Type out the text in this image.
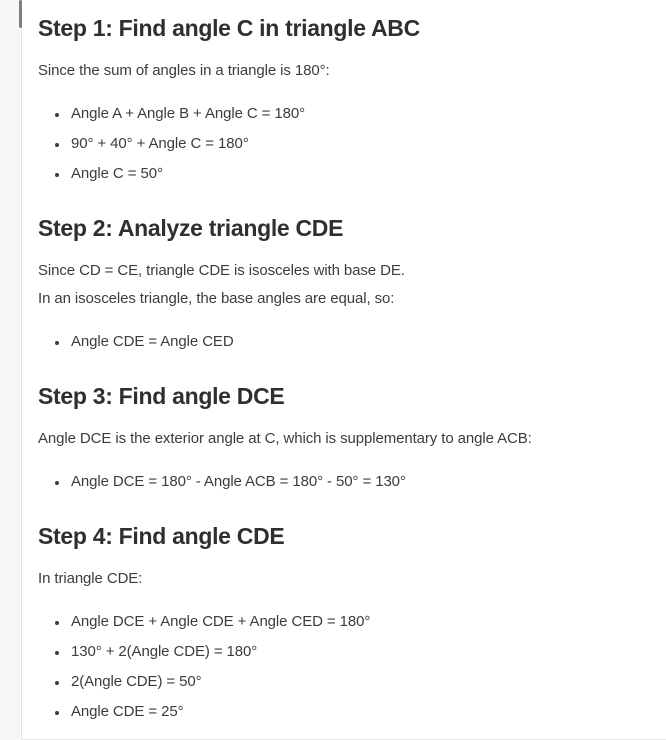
Step 1: Find angle C in triangle ABC

Since the sum of angles in a triangle is 180°:

• Angle A + Angle B + Angle C = 180°
• 90° + 40° + Angle C = 180°
• Angle C = 50°
Step 2: Analyze triangle CDE

Since CD = CE, triangle CDE is isosceles with base DE.

In an isosceles triangle, the base angles are equal, so:

• Angle CDE = Angle CED
Step 3: Find angle DCE

Angle DCE is the exterior angle at C, which is supplementary to angle ACB:

• Angle DCE = 180° - Angle ACB = 180° - 50° = 130°
Step 4: Find angle CDE

In triangle CDE:

• Angle DCE + Angle CDE + Angle CED = 180°
• 130° + 2(Angle CDE) = 180°
• 2(Angle CDE) = 50°
• Angle CDE = 25°
